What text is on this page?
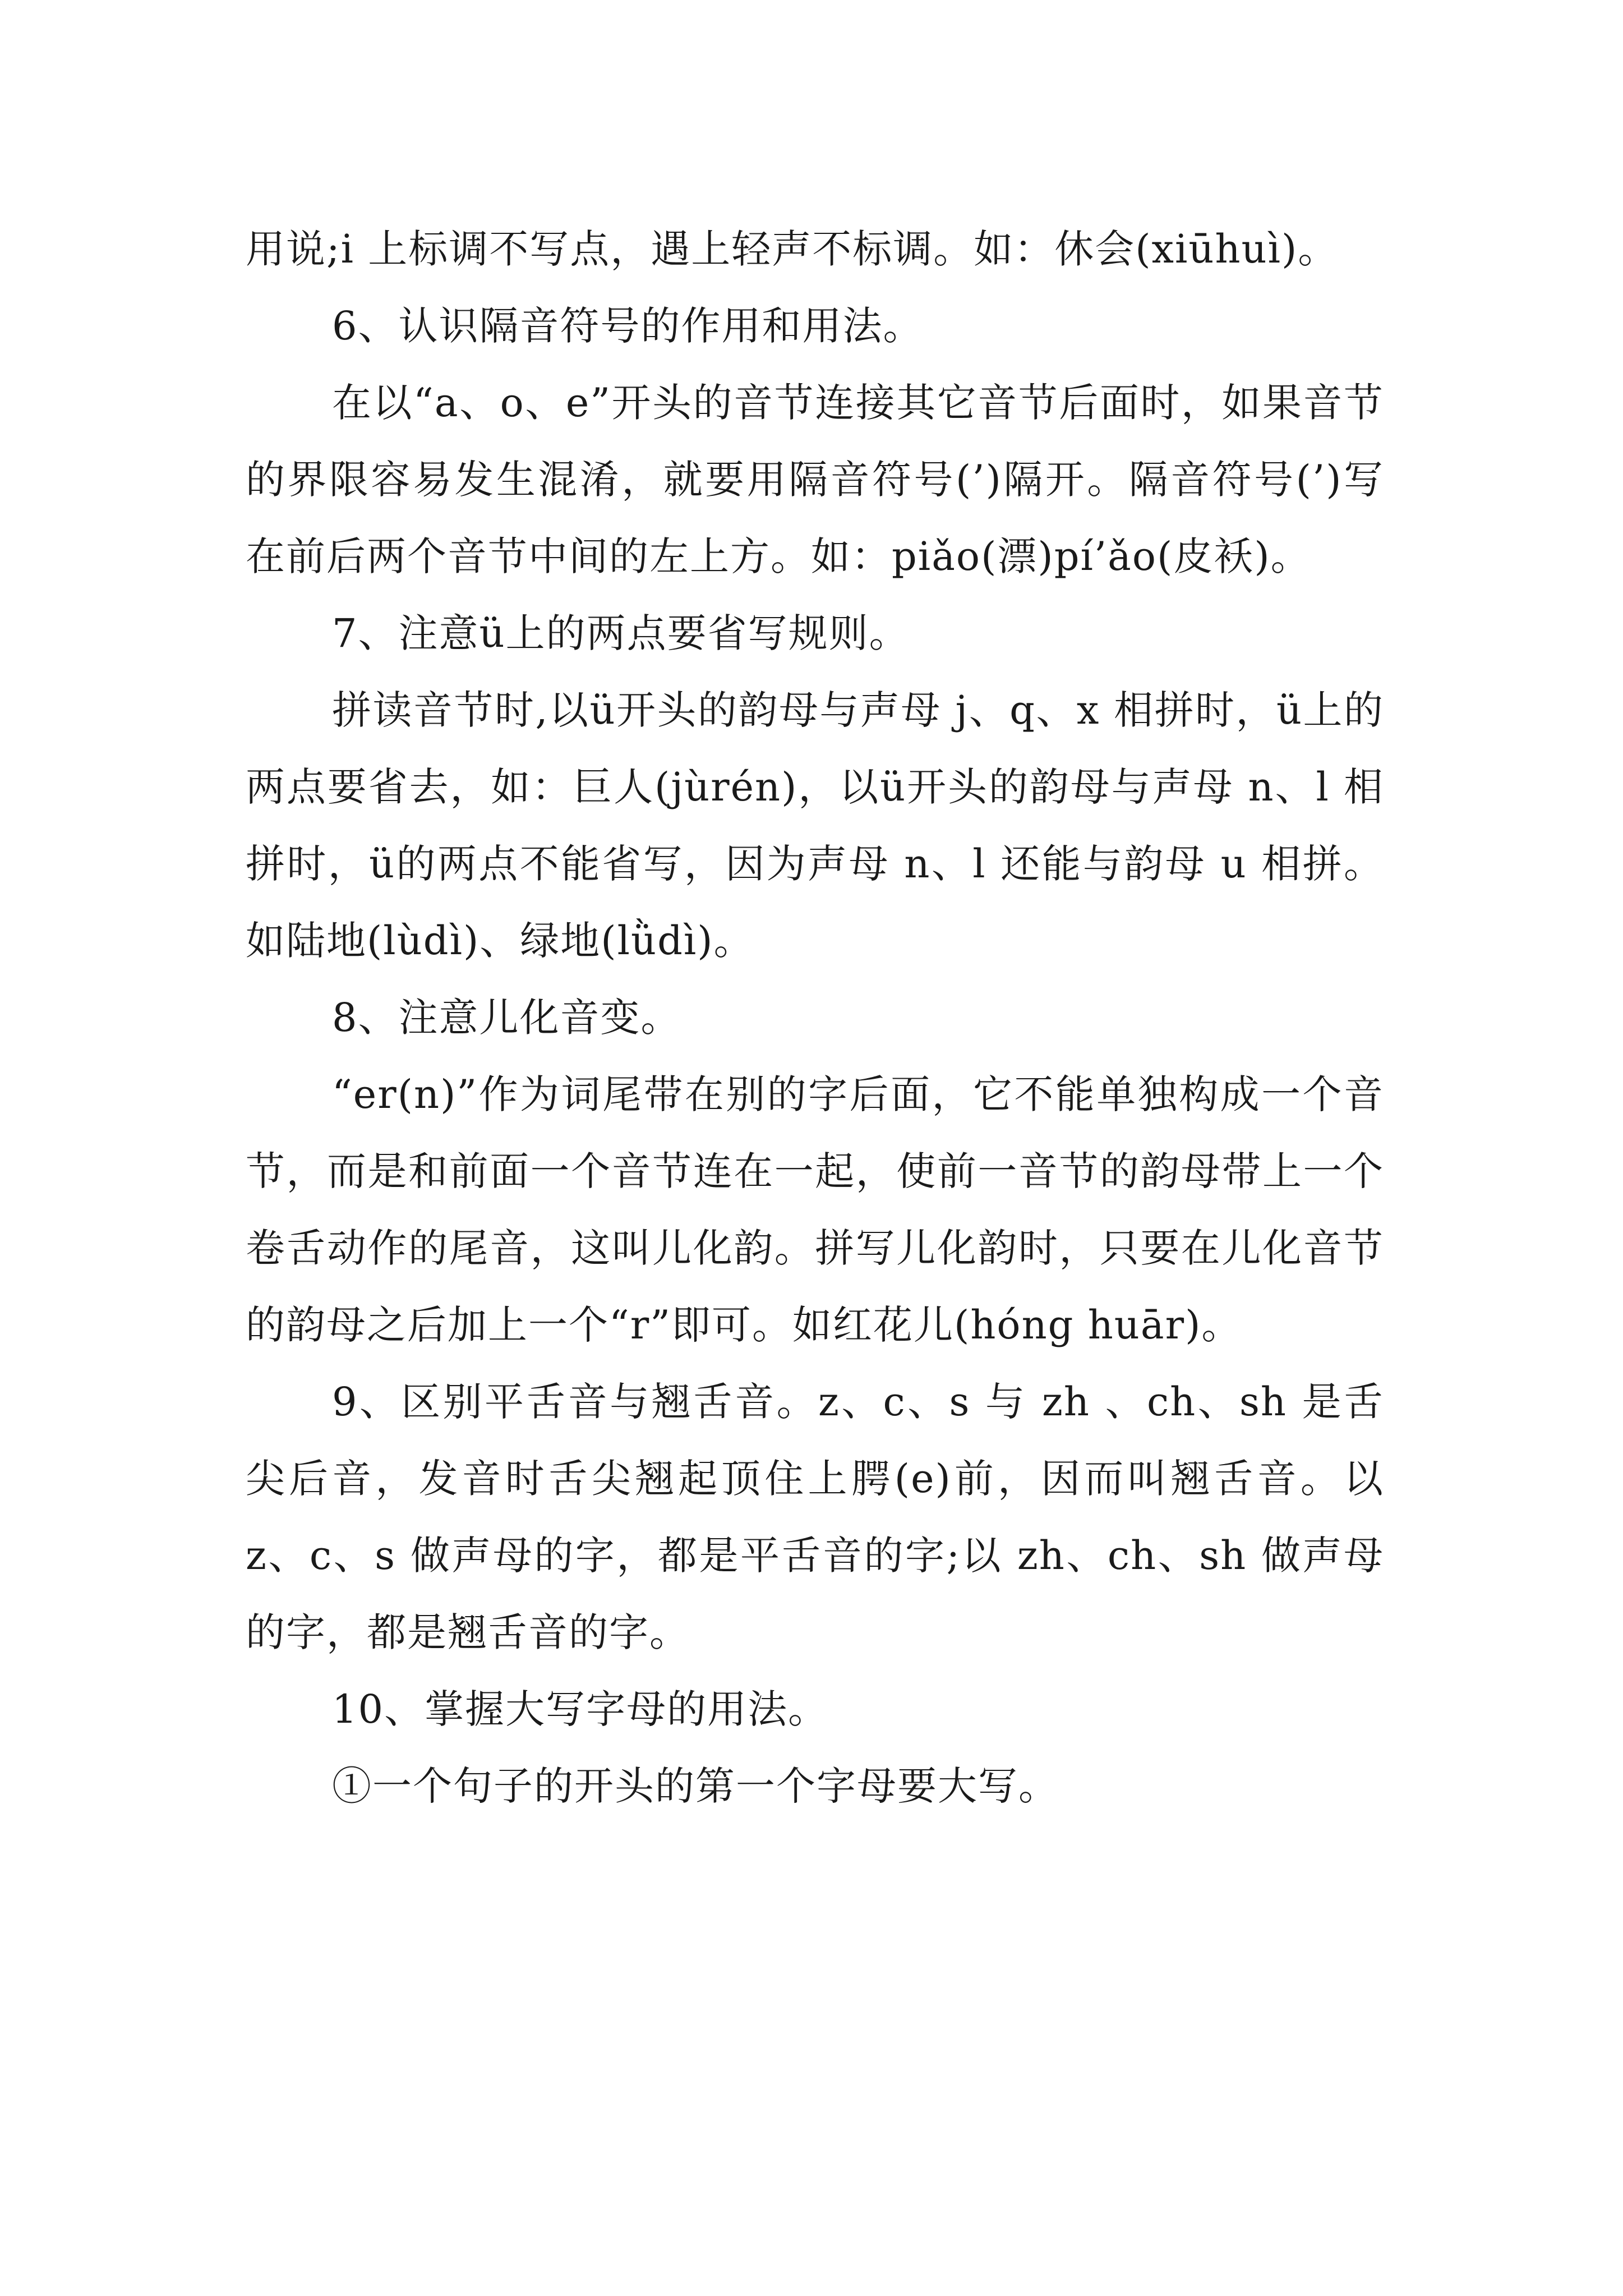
用说;i 上标调不写点，遇上轻声不标调。如：休会(xiūhuì)。

6、认识隔音符号的作用和用法。

在以“a、o、e”开头的音节连接其它音节后面时，如果音节的界限容易发生混淆，就要用隔音符号(’)隔开。隔音符号(’)写在前后两个音节中间的左上方。如：piǎo(漂)pí’ǎo(皮袄)。

7、注意ü上的两点要省写规则。

拼读音节时,以ü开头的韵母与声母 j、q、x 相拼时，ü上的两点要省去，如：巨人(jùrén)，以ü开头的韵母与声母 n、l 相拼时，ü的两点不能省写，因为声母 n、l 还能与韵母 u 相拼。如陆地(lùdì)、绿地(lǜdì)。

8、注意儿化音变。

“er(n)”作为词尾带在别的字后面，它不能单独构成一个音节，而是和前面一个音节连在一起，使前一音节的韵母带上一个卷舌动作的尾音，这叫儿化韵。拼写儿化韵时，只要在儿化音节的韵母之后加上一个“r”即可。如红花儿(hóng huār)。

9、区别平舌音与翘舌音。z、c、s 与 zh 、ch、sh 是舌尖后音，发音时舌尖翘起顶住上腭(e)前，因而叫翘舌音。以 z、c、s 做声母的字，都是平舌音的字;以 zh、ch、sh 做声母的字，都是翘舌音的字。

10、掌握大写字母的用法。

①一个句子的开头的第一个字母要大写。
